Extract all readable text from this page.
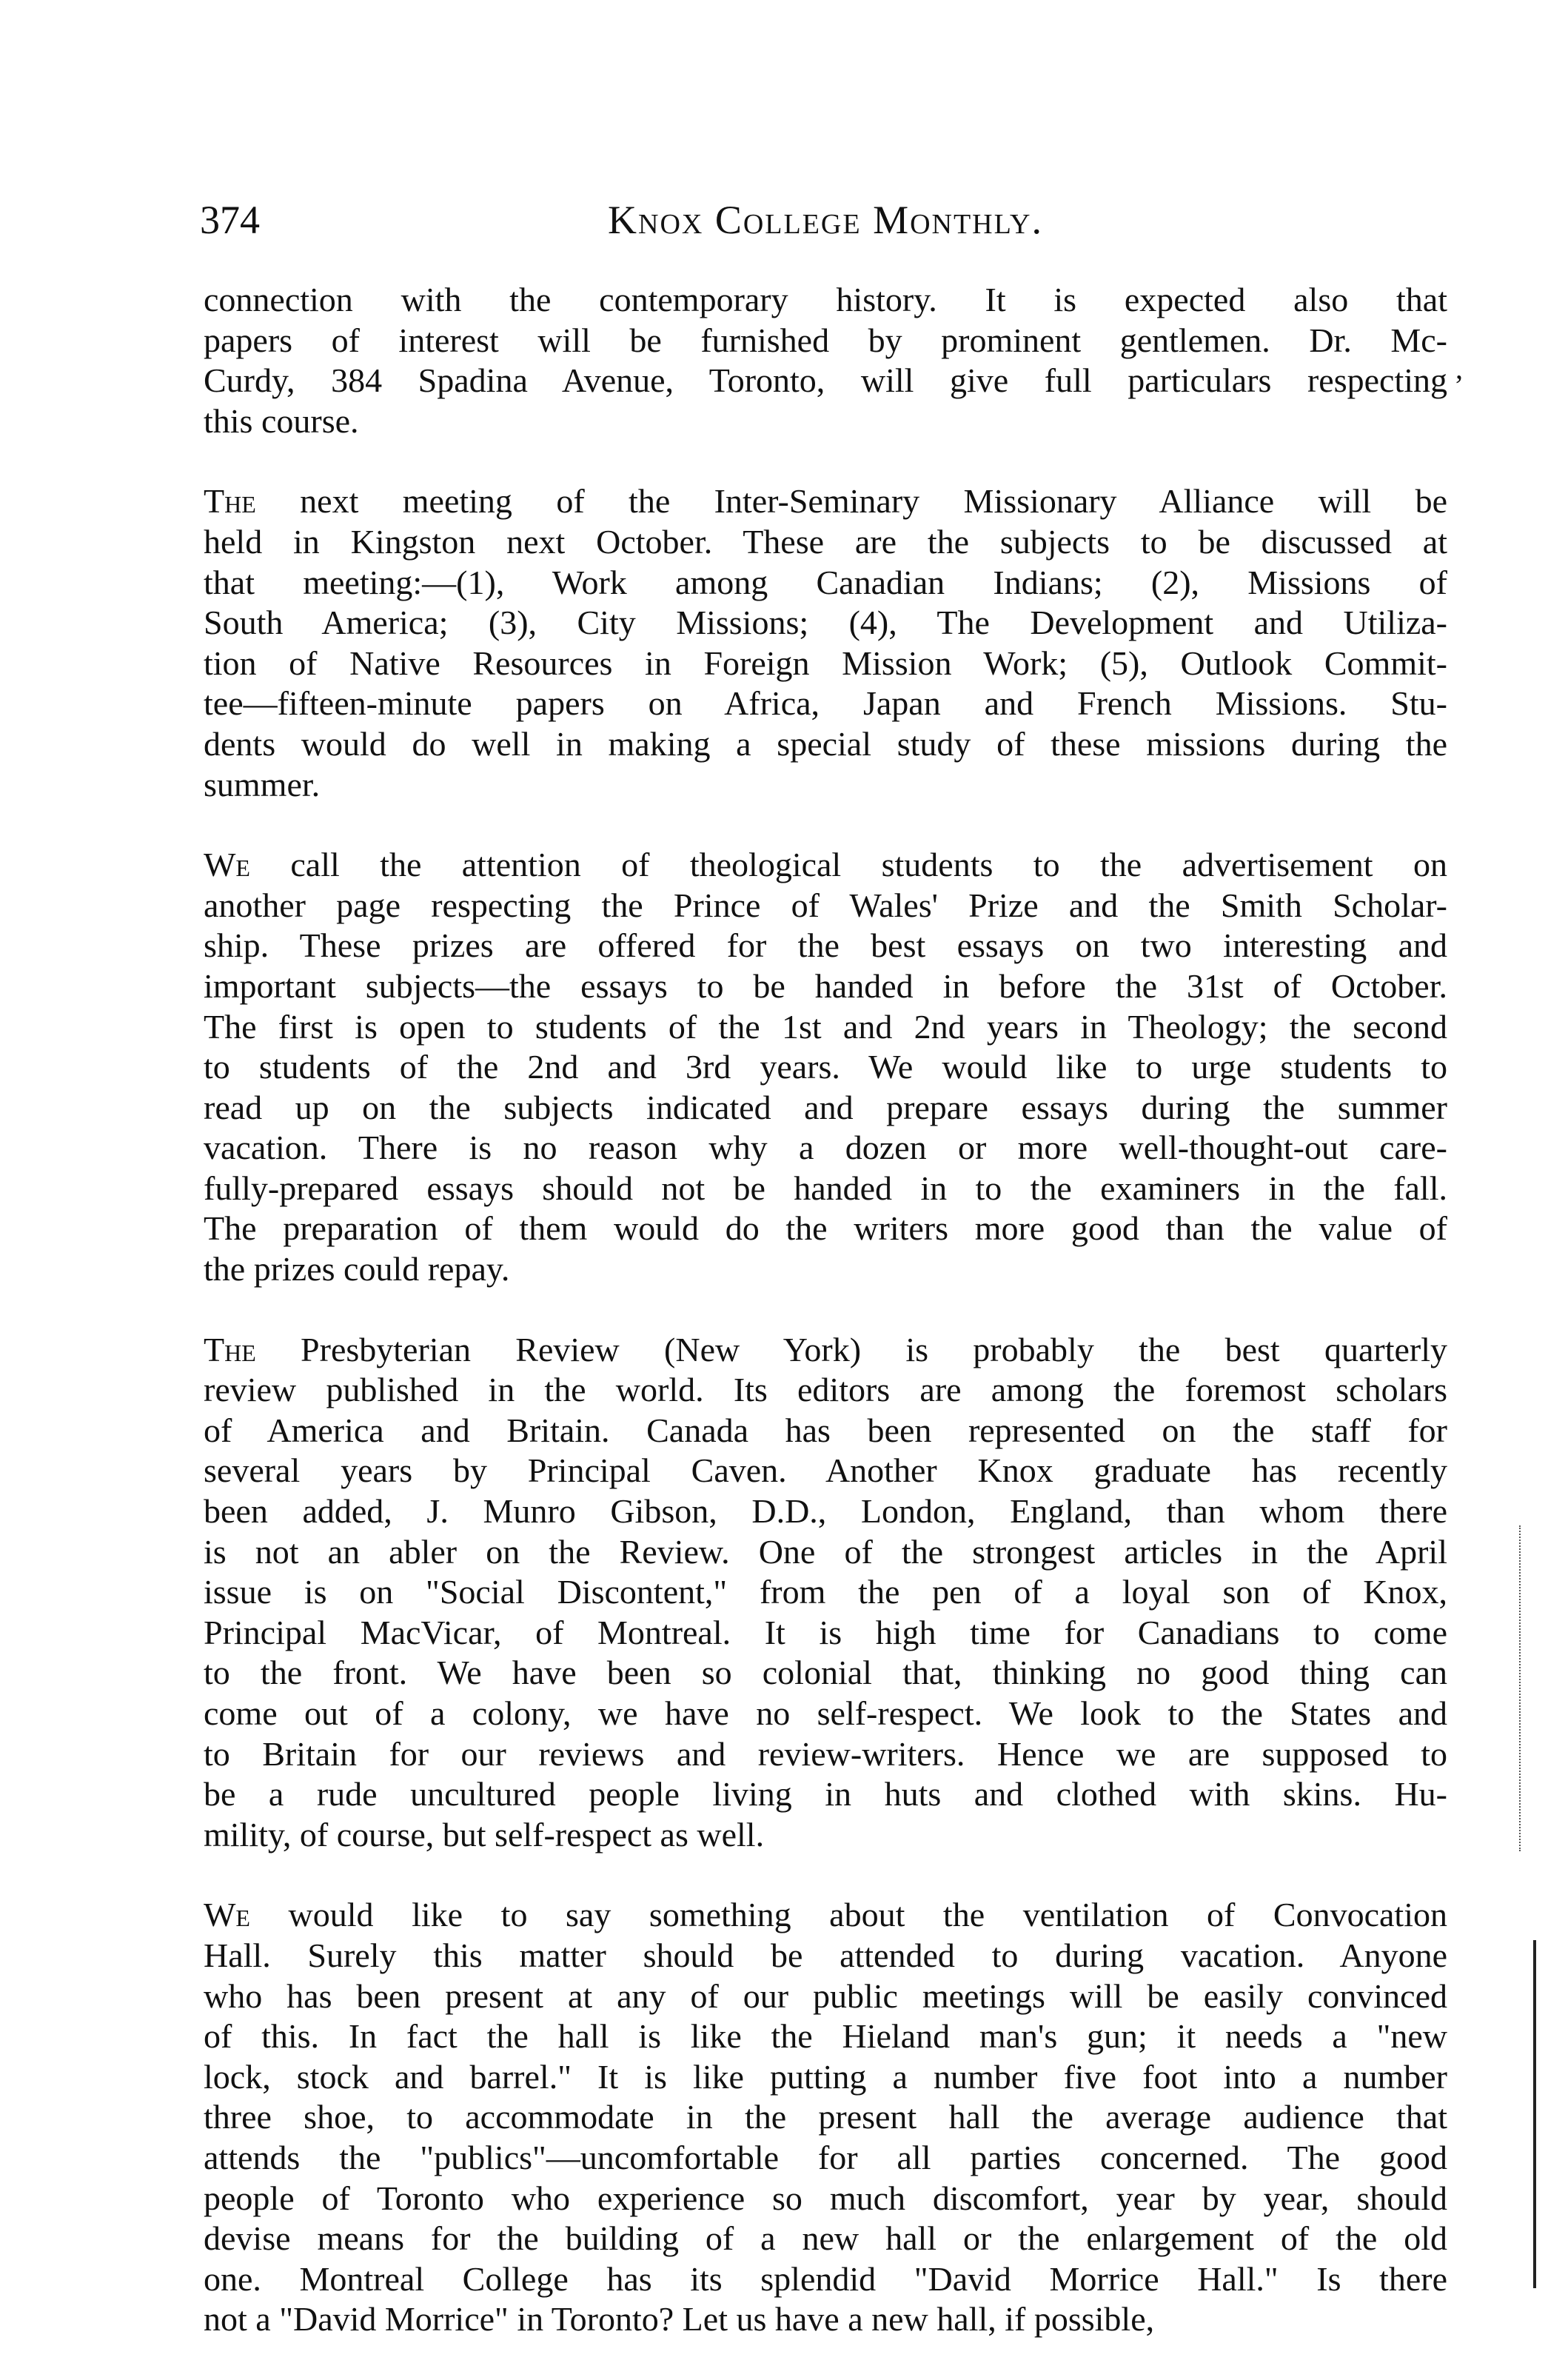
374	Knox College Monthly.
,

connection with the contemporary history. It is expected also that
papers of interest will be furnished by prominent gentlemen. Dr. Mc-
Curdy, 384 Spadina Avenue, Toronto, will give full particulars respecting
this course.

The next meeting of the Inter-Seminary Missionary Alliance will be
held in Kingston next October. These are the subjects to be discussed at
that meeting:—(1), Work among Canadian Indians; (2), Missions of
South America; (3), City Missions; (4), The Development and Utiliza-
tion of Native Resources in Foreign Mission Work; (5), Outlook Commit-
tee—fifteen-minute papers on Africa, Japan and French Missions. Stu-
dents would do well in making a special study of these missions during the
summer.

We call the attention of theological students to the advertisement on
another page respecting the Prince of Wales' Prize and the Smith Scholar-
ship. These prizes are offered for the best essays on two interesting and
important subjects—the essays to be handed in before the 31st of October.
The first is open to students of the 1st and 2nd years in Theology; the second
to students of the 2nd and 3rd years. We would like to urge students to
read up on the subjects indicated and prepare essays during the summer
vacation. There is no reason why a dozen or more well-thought-out care-
fully-prepared essays should not be handed in to the examiners in the fall.
The preparation of them would do the writers more good than the value of
the prizes could repay.

The Presbyterian Review (New York) is probably the best quarterly
review published in the world. Its editors are among the foremost scholars
of America and Britain. Canada has been represented on the staff for
several years by Principal Caven. Another Knox graduate has recently
been added, J. Munro Gibson, D.D., London, England, than whom there
is not an abler on the Review. One of the strongest articles in the April
issue is on "Social Discontent," from the pen of a loyal son of Knox,
Principal MacVicar, of Montreal. It is high time for Canadians to come
to the front. We have been so colonial that, thinking no good thing can
come out of a colony, we have no self-respect. We look to the States and
to Britain for our reviews and review-writers. Hence we are supposed to
be a rude uncultured people living in huts and clothed with skins. Hu-
mility, of course, but self-respect as well.

We would like to say something about the ventilation of Convocation
Hall. Surely this matter should be attended to during vacation. Anyone
who has been present at any of our public meetings will be easily convinced
of this. In fact the hall is like the Hieland man's gun; it needs a "new
lock, stock and barrel." It is like putting a number five foot into a number
three shoe, to accommodate in the present hall the average audience that
attends the "publics"—uncomfortable for all parties concerned. The good
people of Toronto who experience so much discomfort, year by year, should
devise means for the building of a new hall or the enlargement of the old
one. Montreal College has its splendid "David Morrice Hall." Is there
not a "David Morrice" in Toronto? Let us have a new hall, if possible,
